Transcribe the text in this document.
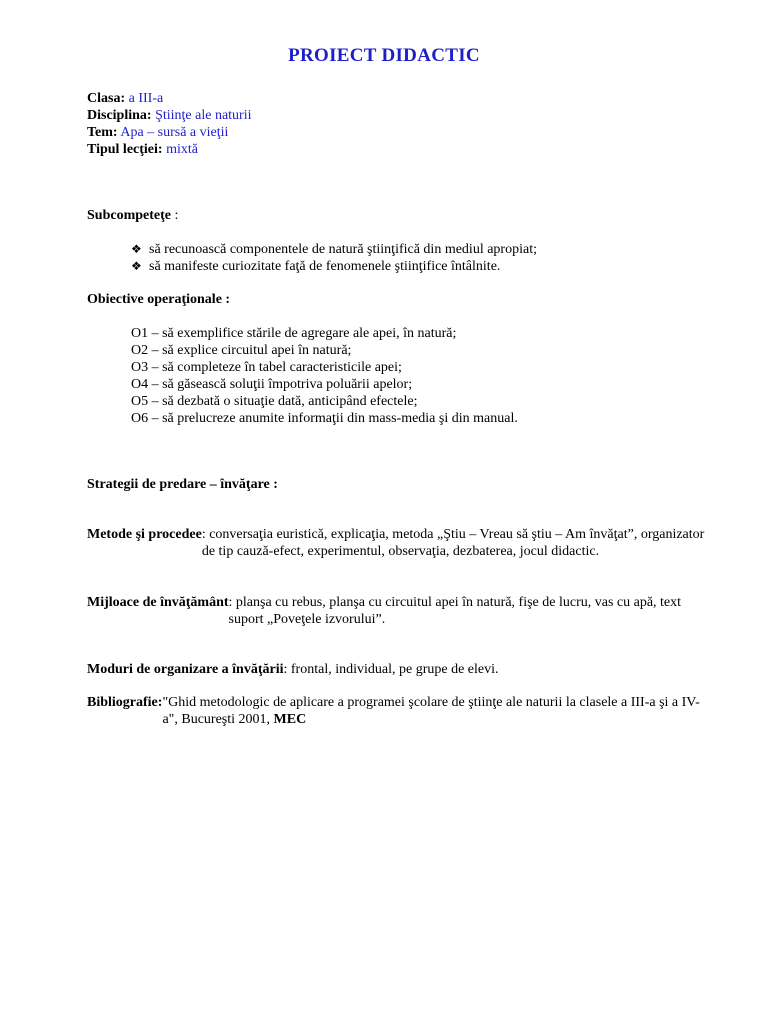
PROIECT DIDACTIC
Clasa: a III-a
Disciplina: Ştiinţe ale naturii
Tem: Apa – sursă a vieţii
Tipul lecţiei: mixtă
Subcompeteţe :
❖ să recunoască componentele de natură ştiinţifică din mediul apropiat;
❖ să manifeste curiozitate faţă de fenomenele ştiinţifice întâlnite.
Obiective operaţionale :
O1 – să exemplifice stările de agregare ale apei, în natură;
O2 – să explice circuitul apei în natură;
O3 – să completeze în tabel caracteristicile apei;
O4 – să găsească soluţii împotriva poluării apelor;
O5 – să dezbată o situaţie dată, anticipând efectele;
O6 – să prelucreze anumite informaţii din mass-media şi din manual.
Strategii de predare – învăţare :
Metode şi procedee : conversaţia euristică, explicaţia, metoda „Ştiu – Vreau să ştiu – Am învăţat”, organizator de tip cauză-efect, experimentul, observaţia, dezbaterea, jocul didactic.
Mijloace de învăţământ : planşa cu rebus, planşa cu circuitul apei în natură, fişe de lucru, vas cu apă, text suport „Poveţele izvorului”.
Moduri de organizare a învăţării: frontal, individual, pe grupe de elevi.
Bibliografie: "Ghid metodologic de aplicare a programei şcolare de ştiinţe ale naturii la clasele a III-a şi a IV-a", Bucureşti 2001, MEC
